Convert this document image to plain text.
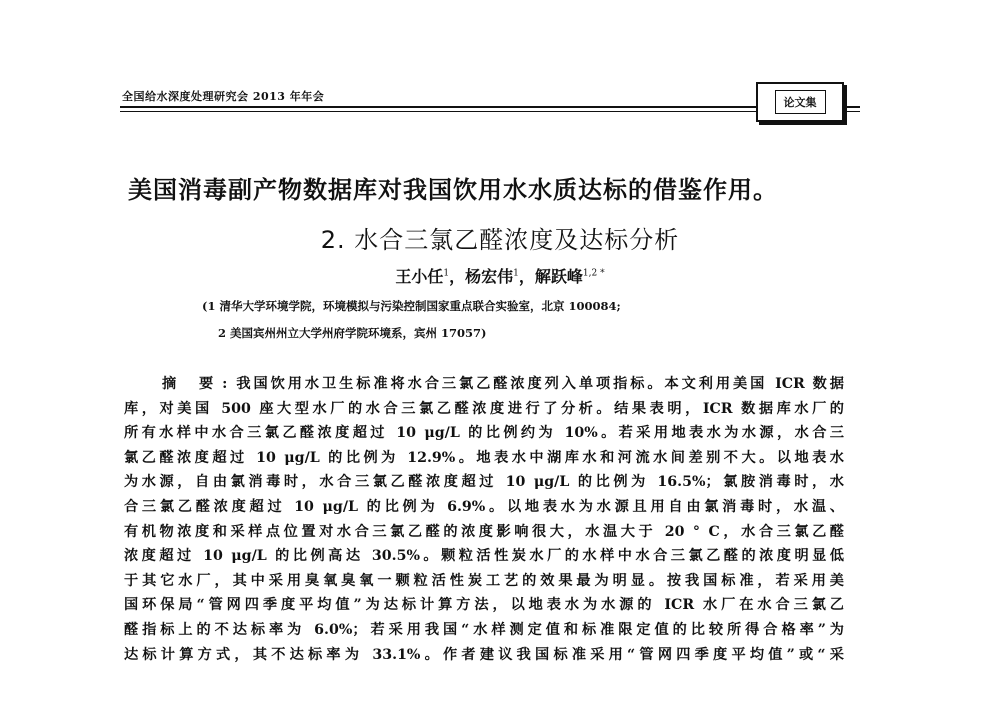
全国给水深度处理研究会 2013 年年会	论文集
美国消毒副产物数据库对我国饮用水水质达标的借鉴作用。
2. 水合三氯乙醛浓度及达标分析
王小任$^1$，杨宏伟$^1$，解跃峰$^{1,2 *}$
(1 清华大学环境学院，环境模拟与污染控制国家重点联合实验室，北京 100084;
2 美国宾州州立大学州府学院环境系，宾州 17057)
摘 要:我国饮用水卫生标准将水合三氯乙醛浓度列入单项指标。本文利用美国 ICR 数据
库，对美国 500 座大型水厂的水合三氯乙醛浓度进行了分析。结果表明，ICR 数据库水厂的
所有水样中水合三氯乙醛浓度超过 10 μg/L 的比例约为 10%。若采用地表水为水源，水合三
氯乙醛浓度超过 10 μg/L 的比例为 12.9%。地表水中湖库水和河流水间差别不大。以地表水
为水源，自由氯消毒时，水合三氯乙醛浓度超过 10 μg/L 的比例为 16.5%；氯胺消毒时，水
合三氯乙醛浓度超过 10 μg/L 的比例为 6.9%。以地表水为水源且用自由氯消毒时，水温、
有机物浓度和采样点位置对水合三氯乙醛的浓度影响很大，水温大于 20 ° C，水合三氯乙醛
浓度超过 10 μg/L 的比例高达 30.5%。颗粒活性炭水厂的水样中水合三氯乙醛的浓度明显低
于其它水厂，其中采用臭氧臭氧一颗粒活性炭工艺的效果最为明显。按我国标准，若采用美
国环保局“管网四季度平均值”为达标计算方法，以地表水为水源的 ICR 水厂在水合三氯乙
醛指标上的不达标率为 6.0%；若采用我国“水样测定值和标准限定值的比较所得合格率”为
达标计算方式，其不达标率为 33.1%。作者建议我国标准采用“管网四季度平均值”或“采
